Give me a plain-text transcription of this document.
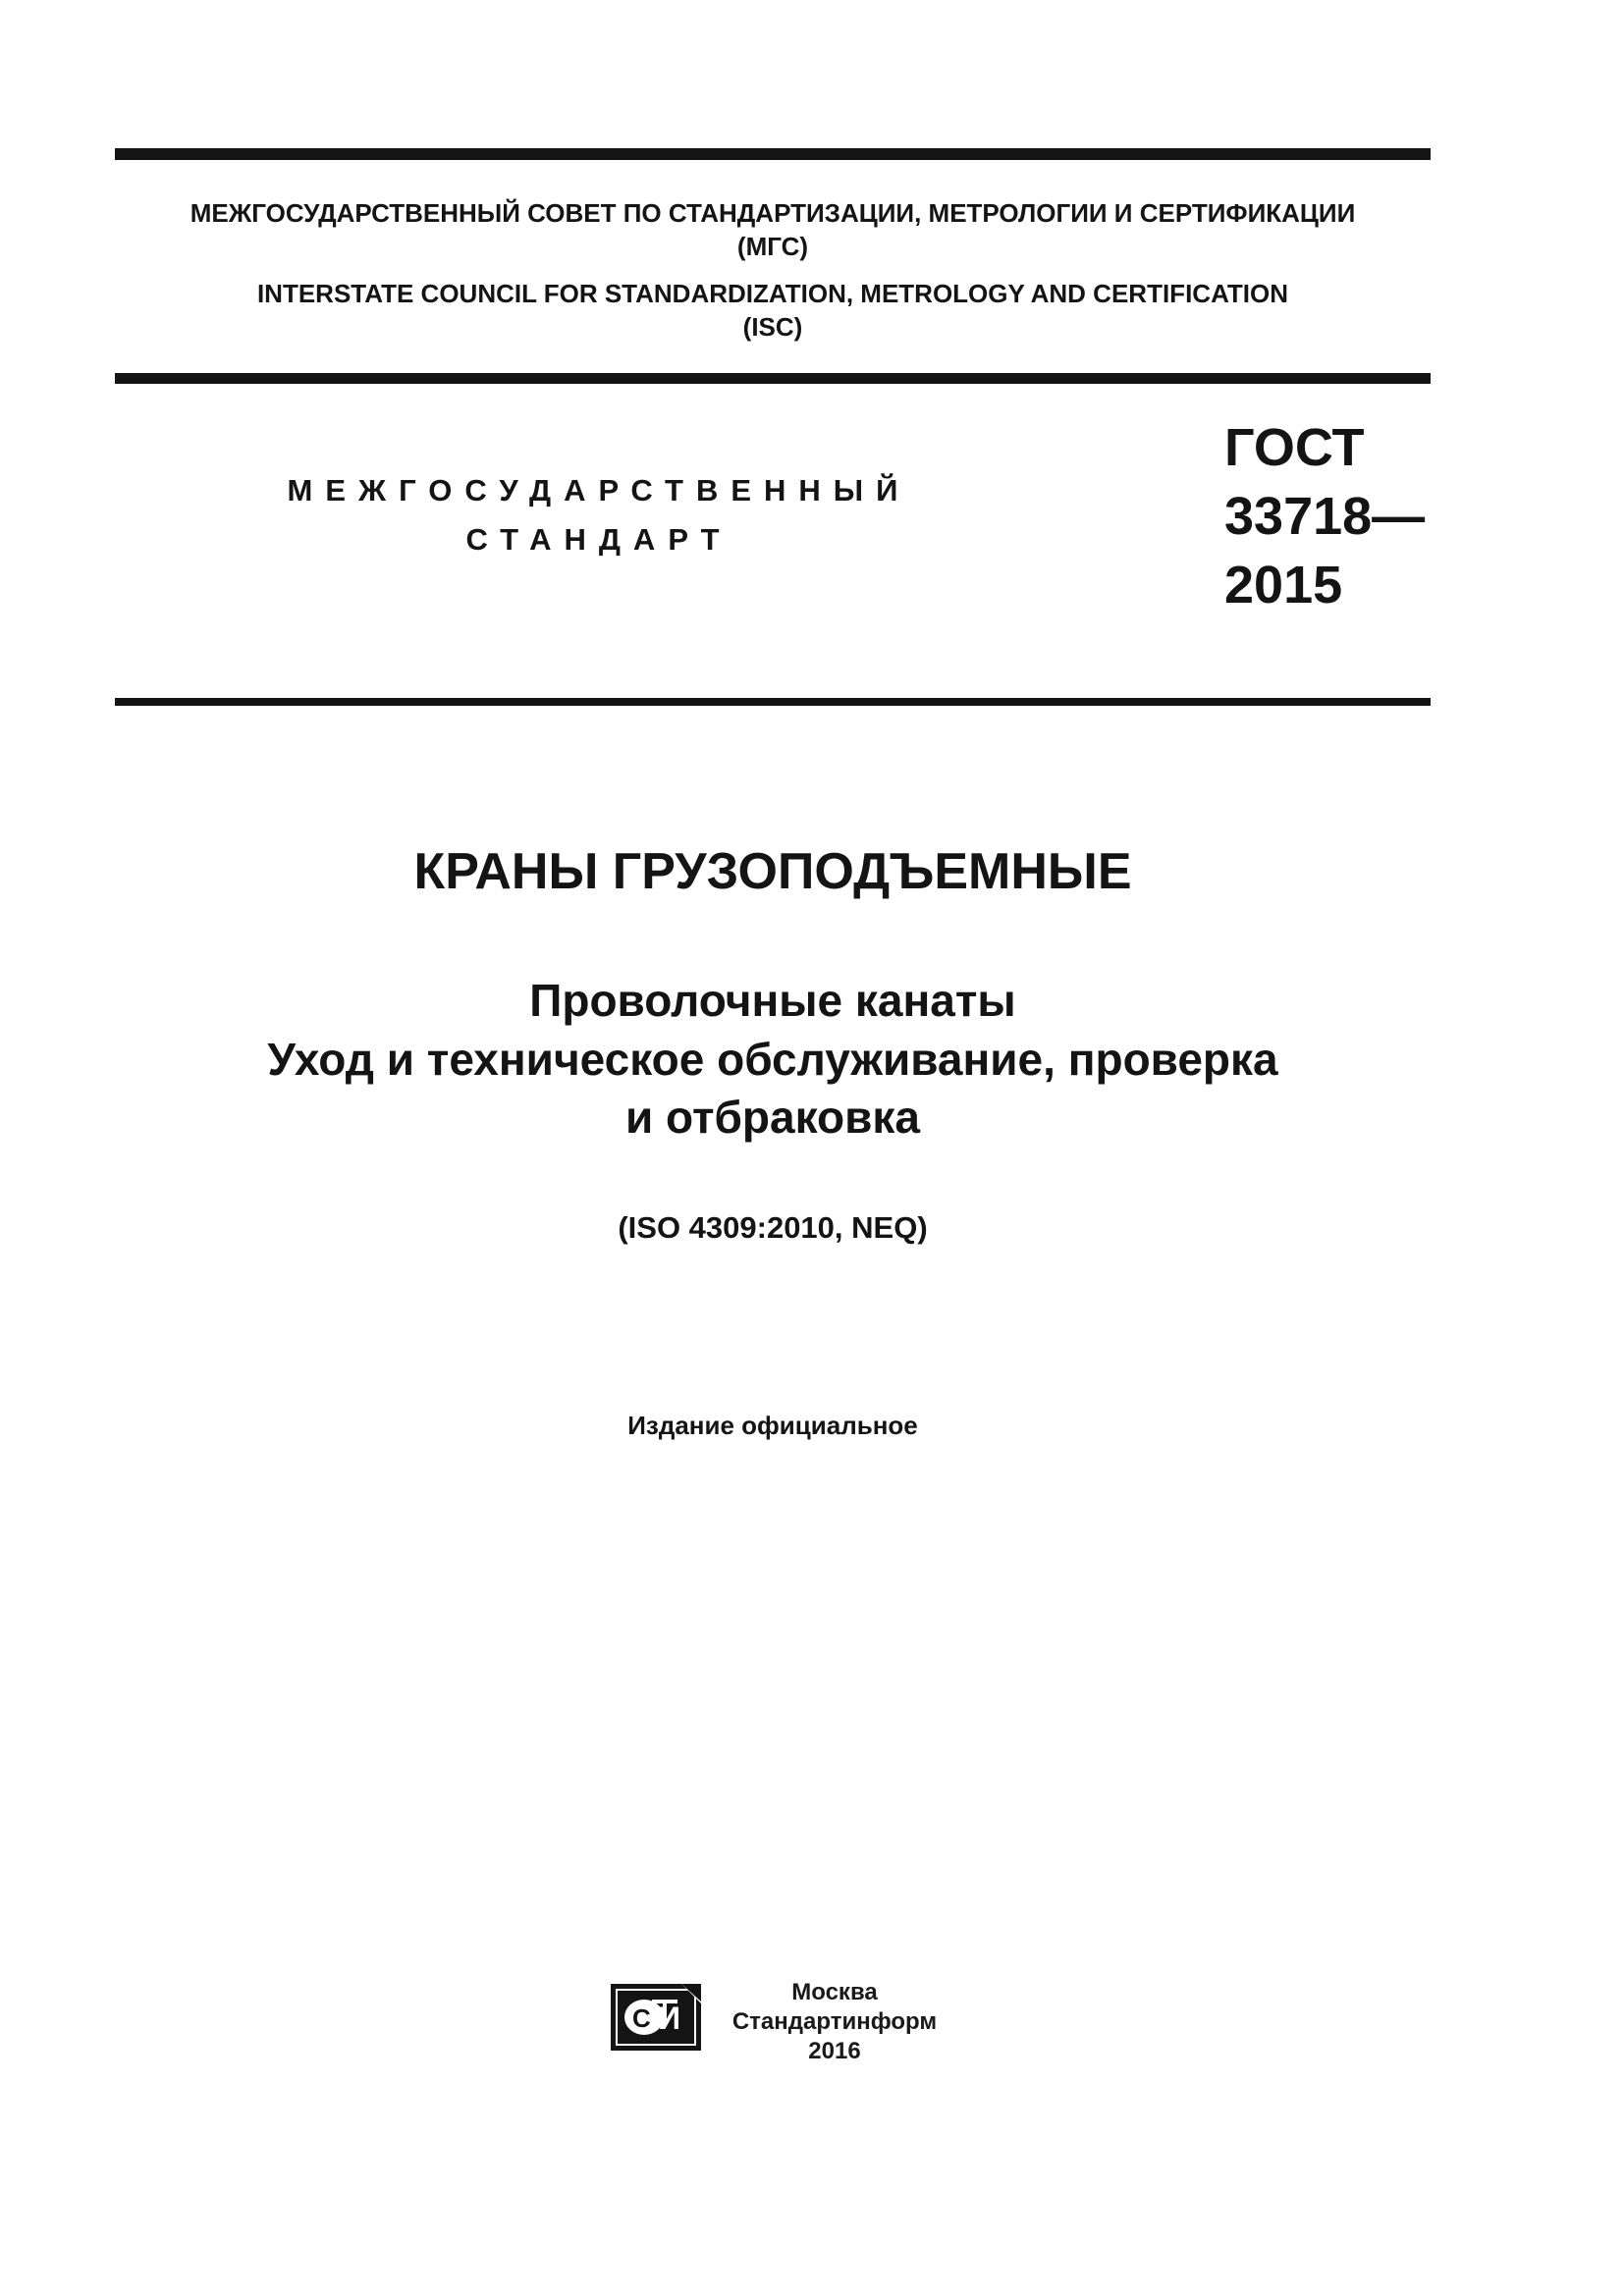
МЕЖГОСУДАРСТВЕННЫЙ СОВЕТ ПО СТАНДАРТИЗАЦИИ, МЕТРОЛОГИИ И СЕРТИФИКАЦИИ
(МГС)
INTERSTATE COUNCIL FOR STANDARDIZATION, METROLOGY AND CERTIFICATION
(ISC)
МЕЖГОСУДАРСТВЕННЫЙ
СТАНДАРТ
ГОСТ
33718—
2015
КРАНЫ ГРУЗОПОДЪЕМНЫЕ
Проволочные канаты
Уход и техническое обслуживание, проверка
и отбраковка
(ISO 4309:2010, NEQ)
Издание официальное
С И
Москва
Стандартинформ
2016
